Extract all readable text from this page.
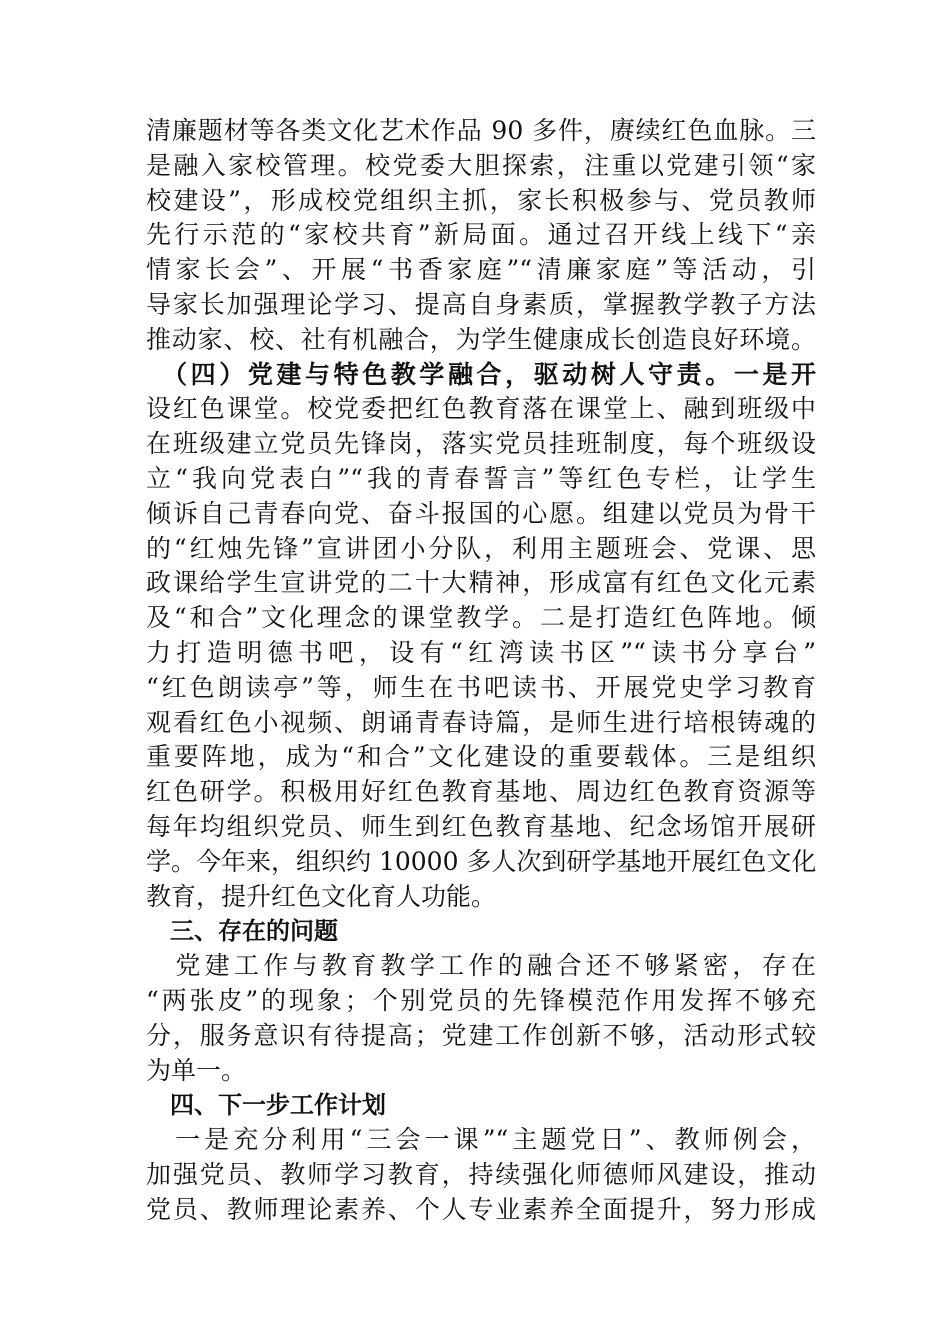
清廉题材等各类文化艺术作品 90 多件，赓续红色血脉。三
是融入家校管理。校党委大胆探索，注重以党建引领“家
校建设”，形成校党组织主抓，家长积极参与、党员教师
先行示范的“家校共育”新局面。通过召开线上线下“亲
情家长会”、开展“书香家庭”“清廉家庭”等活动，引
导家长加强理论学习、提高自身素质，掌握教学教子方法
推动家、校、社有机融合，为学生健康成长创造良好环境。
　（四）党建与特色教学融合，驱动树人守责。一是开
设红色课堂。校党委把红色教育落在课堂上、融到班级中
在班级建立党员先锋岗，落实党员挂班制度，每个班级设
立“我向党表白”“我的青春誓言”等红色专栏，让学生
倾诉自己青春向党、奋斗报国的心愿。组建以党员为骨干
的“红烛先锋”宣讲团小分队，利用主题班会、党课、思
政课给学生宣讲党的二十大精神，形成富有红色文化元素
及“和合”文化理念的课堂教学。二是打造红色阵地。倾
力打造明德书吧，设有“红湾读书区”“读书分享台”
“红色朗读亭”等，师生在书吧读书、开展党史学习教育
观看红色小视频、朗诵青春诗篇，是师生进行培根铸魂的
重要阵地，成为“和合”文化建设的重要载体。三是组织
红色研学。积极用好红色教育基地、周边红色教育资源等
每年均组织党员、师生到红色教育基地、纪念场馆开展研
学。今年来，组织约 10000 多人次到研学基地开展红色文化
教育，提升红色文化育人功能。
　三、存在的问题
　党建工作与教育教学工作的融合还不够紧密，存在
“两张皮”的现象；个别党员的先锋模范作用发挥不够充
分，服务意识有待提高；党建工作创新不够，活动形式较
为单一。
　四、下一步工作计划
　一是充分利用“三会一课”“主题党日”、教师例会，
加强党员、教师学习教育，持续强化师德师风建设，推动
党员、教师理论素养、个人专业素养全面提升，努力形成
